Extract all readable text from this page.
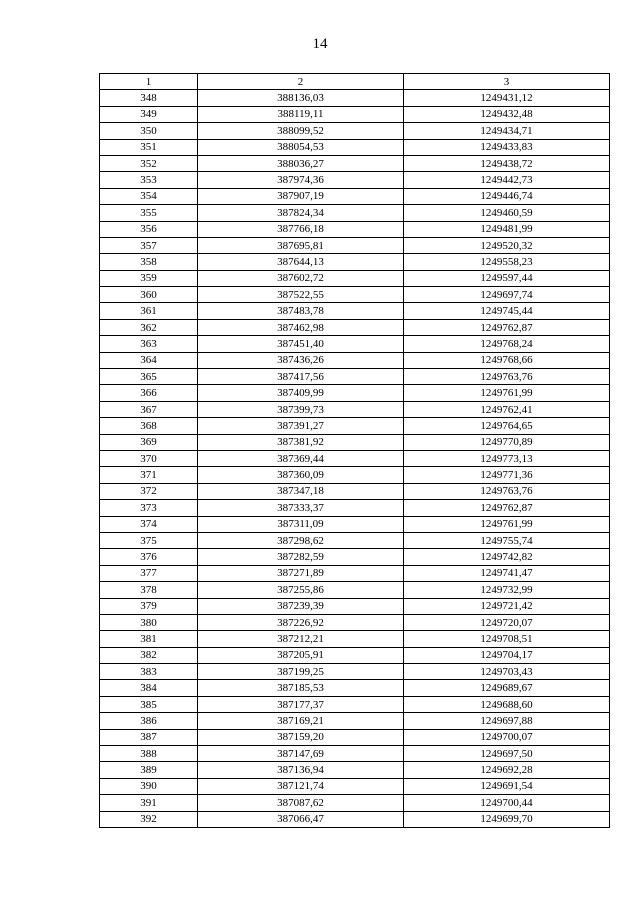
14
1	2	3
348	388136,03	1249431,12
349	388119,11	1249432,48
350	388099,52	1249434,71
351	388054,53	1249433,83
352	388036,27	1249438,72
353	387974,36	1249442,73
354	387907,19	1249446,74
355	387824,34	1249460,59
356	387766,18	1249481,99
357	387695,81	1249520,32
358	387644,13	1249558,23
359	387602,72	1249597,44
360	387522,55	1249697,74
361	387483,78	1249745,44
362	387462,98	1249762,87
363	387451,40	1249768,24
364	387436,26	1249768,66
365	387417,56	1249763,76
366	387409,99	1249761,99
367	387399,73	1249762,41
368	387391,27	1249764,65
369	387381,92	1249770,89
370	387369,44	1249773,13
371	387360,09	1249771,36
372	387347,18	1249763,76
373	387333,37	1249762,87
374	387311,09	1249761,99
375	387298,62	1249755,74
376	387282,59	1249742,82
377	387271,89	1249741,47
378	387255,86	1249732,99
379	387239,39	1249721,42
380	387226,92	1249720,07
381	387212,21	1249708,51
382	387205,91	1249704,17
383	387199,25	1249703,43
384	387185,53	1249689,67
385	387177,37	1249688,60
386	387169,21	1249697,88
387	387159,20	1249700,07
388	387147,69	1249697,50
389	387136,94	1249692,28
390	387121,74	1249691,54
391	387087,62	1249700,44
392	387066,47	1249699,70
